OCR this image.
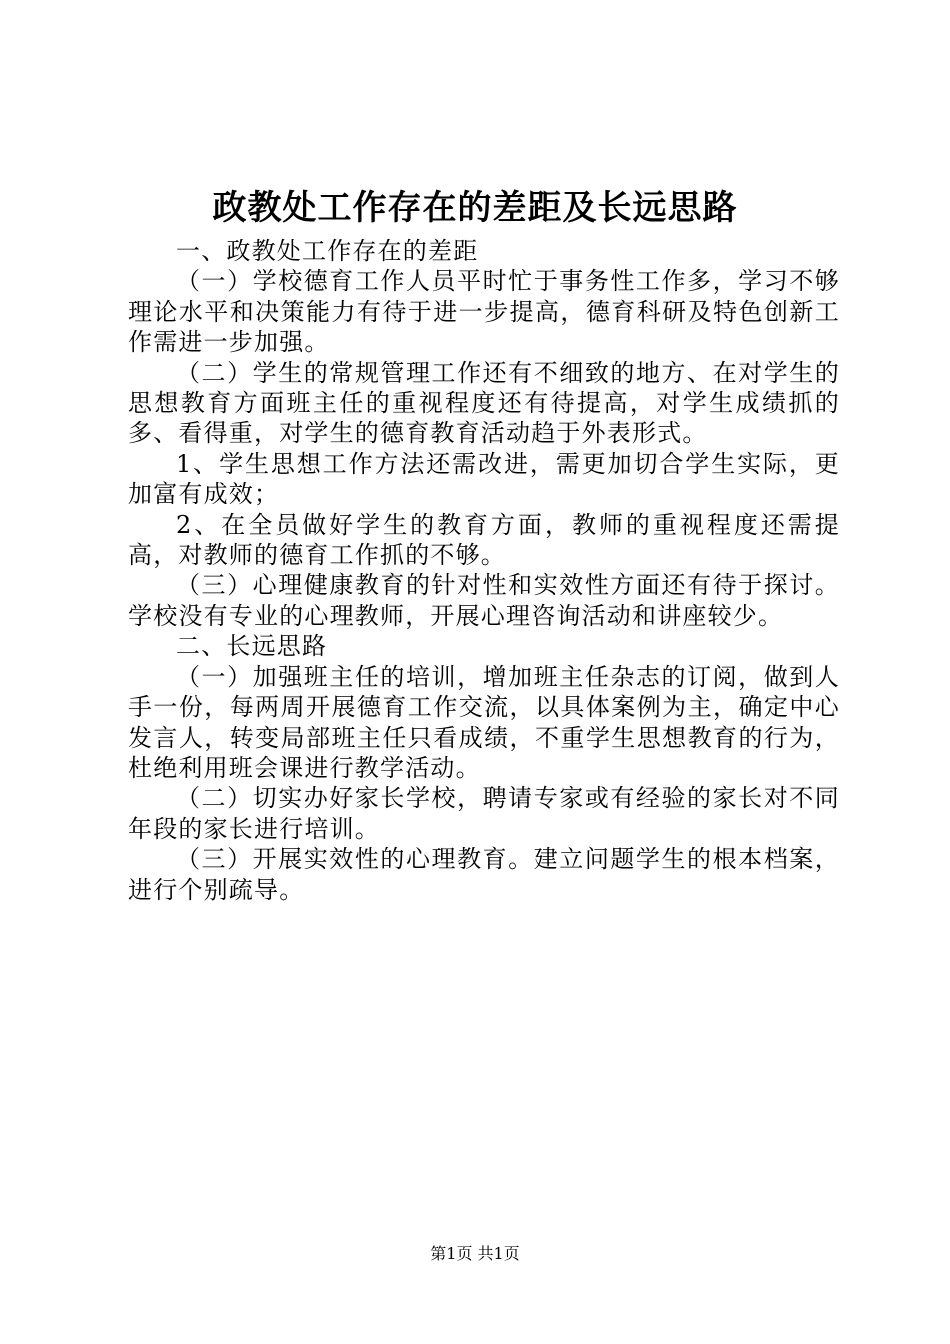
政教处工作存在的差距及长远思路

一、政教处工作存在的差距

（一）学校德育工作人员平时忙于事务性工作多，学习不够理论水平和决策能力有待于进一步提高，德育科研及特色创新工作需进一步加强。

（二）学生的常规管理工作还有不细致的地方、在对学生的思想教育方面班主任的重视程度还有待提高，对学生成绩抓的多、看得重，对学生的德育教育活动趋于外表形式。

1、学生思想工作方法还需改进，需更加切合学生实际，更加富有成效；

2、在全员做好学生的教育方面，教师的重视程度还需提高，对教师的德育工作抓的不够。

（三）心理健康教育的针对性和实效性方面还有待于探讨。学校没有专业的心理教师，开展心理咨询活动和讲座较少。

二、长远思路

（一）加强班主任的培训，增加班主任杂志的订阅，做到人手一份，每两周开展德育工作交流，以具体案例为主，确定中心发言人，转变局部班主任只看成绩，不重学生思想教育的行为，杜绝利用班会课进行教学活动。

（二）切实办好家长学校，聘请专家或有经验的家长对不同年段的家长进行培训。

（三）开展实效性的心理教育。建立问题学生的根本档案，进行个别疏导。

第1页 共1页
